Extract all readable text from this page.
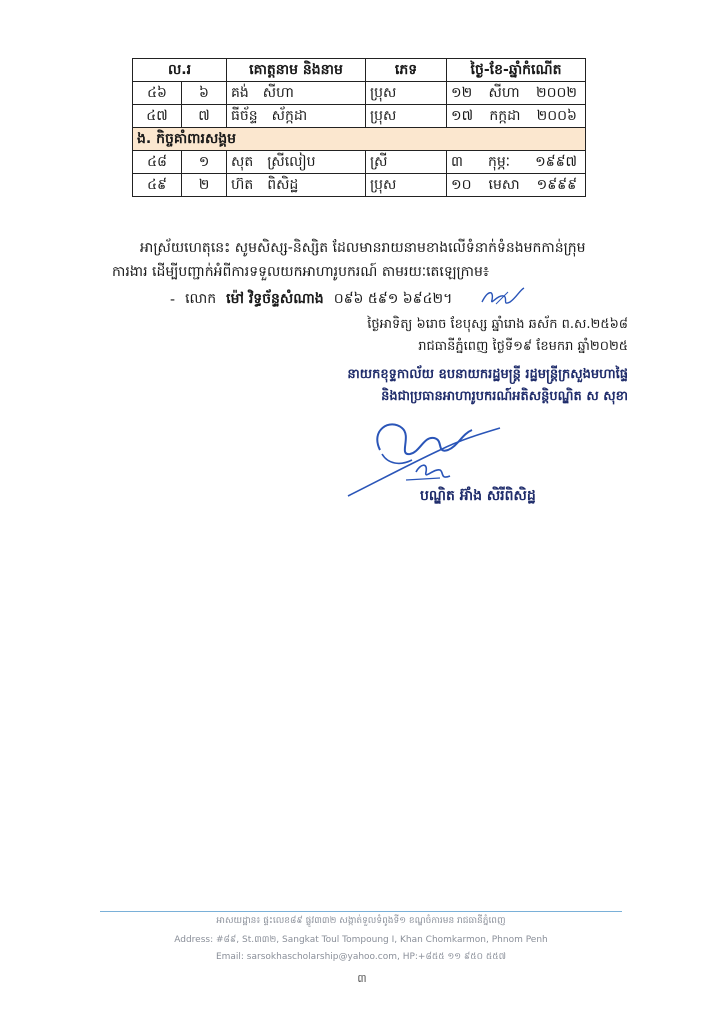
ល.រ		គោត្តនាម និងនាម	ភេទ	ថ្ងៃ-ខែ-ឆ្នាំកំណើត
៤៦	៦	គង់ សីហា	ប្រុស	១២ សីហា ២០០២

៤៧	៧	ធីច័ន្ទ ស័ក្កដា	ប្រុស	១៧ កក្កដា ២០០៦

ង. កិច្ចគាំពារសង្គម				
៤៨	១	សុត ស្រីលៀប	ស្រី	៣ កុម្ភៈ ១៩៩៧

៤៩	២	ហ៊ត ពិសិដ្ឋ	ប្រុស	១០ មេសា ១៩៩៩

អាស្រ័យហេតុនេះ សូមសិស្ស-និស្សិត ដែលមានរាយនាមខាងលើទំនាក់ទំនងមកកាន់ក្រុមការងារ ដើម្បីបញ្ជាក់អំពីការទទួលយកអាហារូបករណ៍ តាមរយៈតេឡេក្រាម៖

- លោក ម៉ៅ វិទ្ធច័ន្ទសំណាង ០៩៦ ៥៩១ ៦៩៤២។
ថ្ងៃអាទិត្យ ៦រោច ខែបុស្ស ឆ្នាំរោង ឆស័ក ព.ស.២៥៦៨
រាជធានីភ្នំពេញ ថ្ងៃទី១៩ ខែមករា ឆ្នាំ២០២៥
នាយកខុទ្ទកាល័យ ឧបនាយករដ្ឋមន្ត្រី រដ្ឋមន្ត្រីក្រសួងមហាផ្ទៃ
និងជាប្រធានអាហារូបករណ៍អតិសន្តិបណ្ឌិត ស សុខា
បណ្ឌិត អ៊ាំង សិរីពិសិដ្ឋ
អាសយដ្ឋាន៖ ផ្ទះលេខ៨៩ ផ្លូវ៣៣២ សង្កាត់ទួលទំពូងទី១ ខណ្ឌចំការមន រាជធានីភ្នំពេញ
Address: #៨៩, St.៣៣២, Sangkat Toul Tompoung I, Khan Chomkarmon, Phnom Penh
Email: sarsokhascholarship@yahoo.com, HP:+៨៥៥ ១១ ៩៥០ ៥៥៧
៣
